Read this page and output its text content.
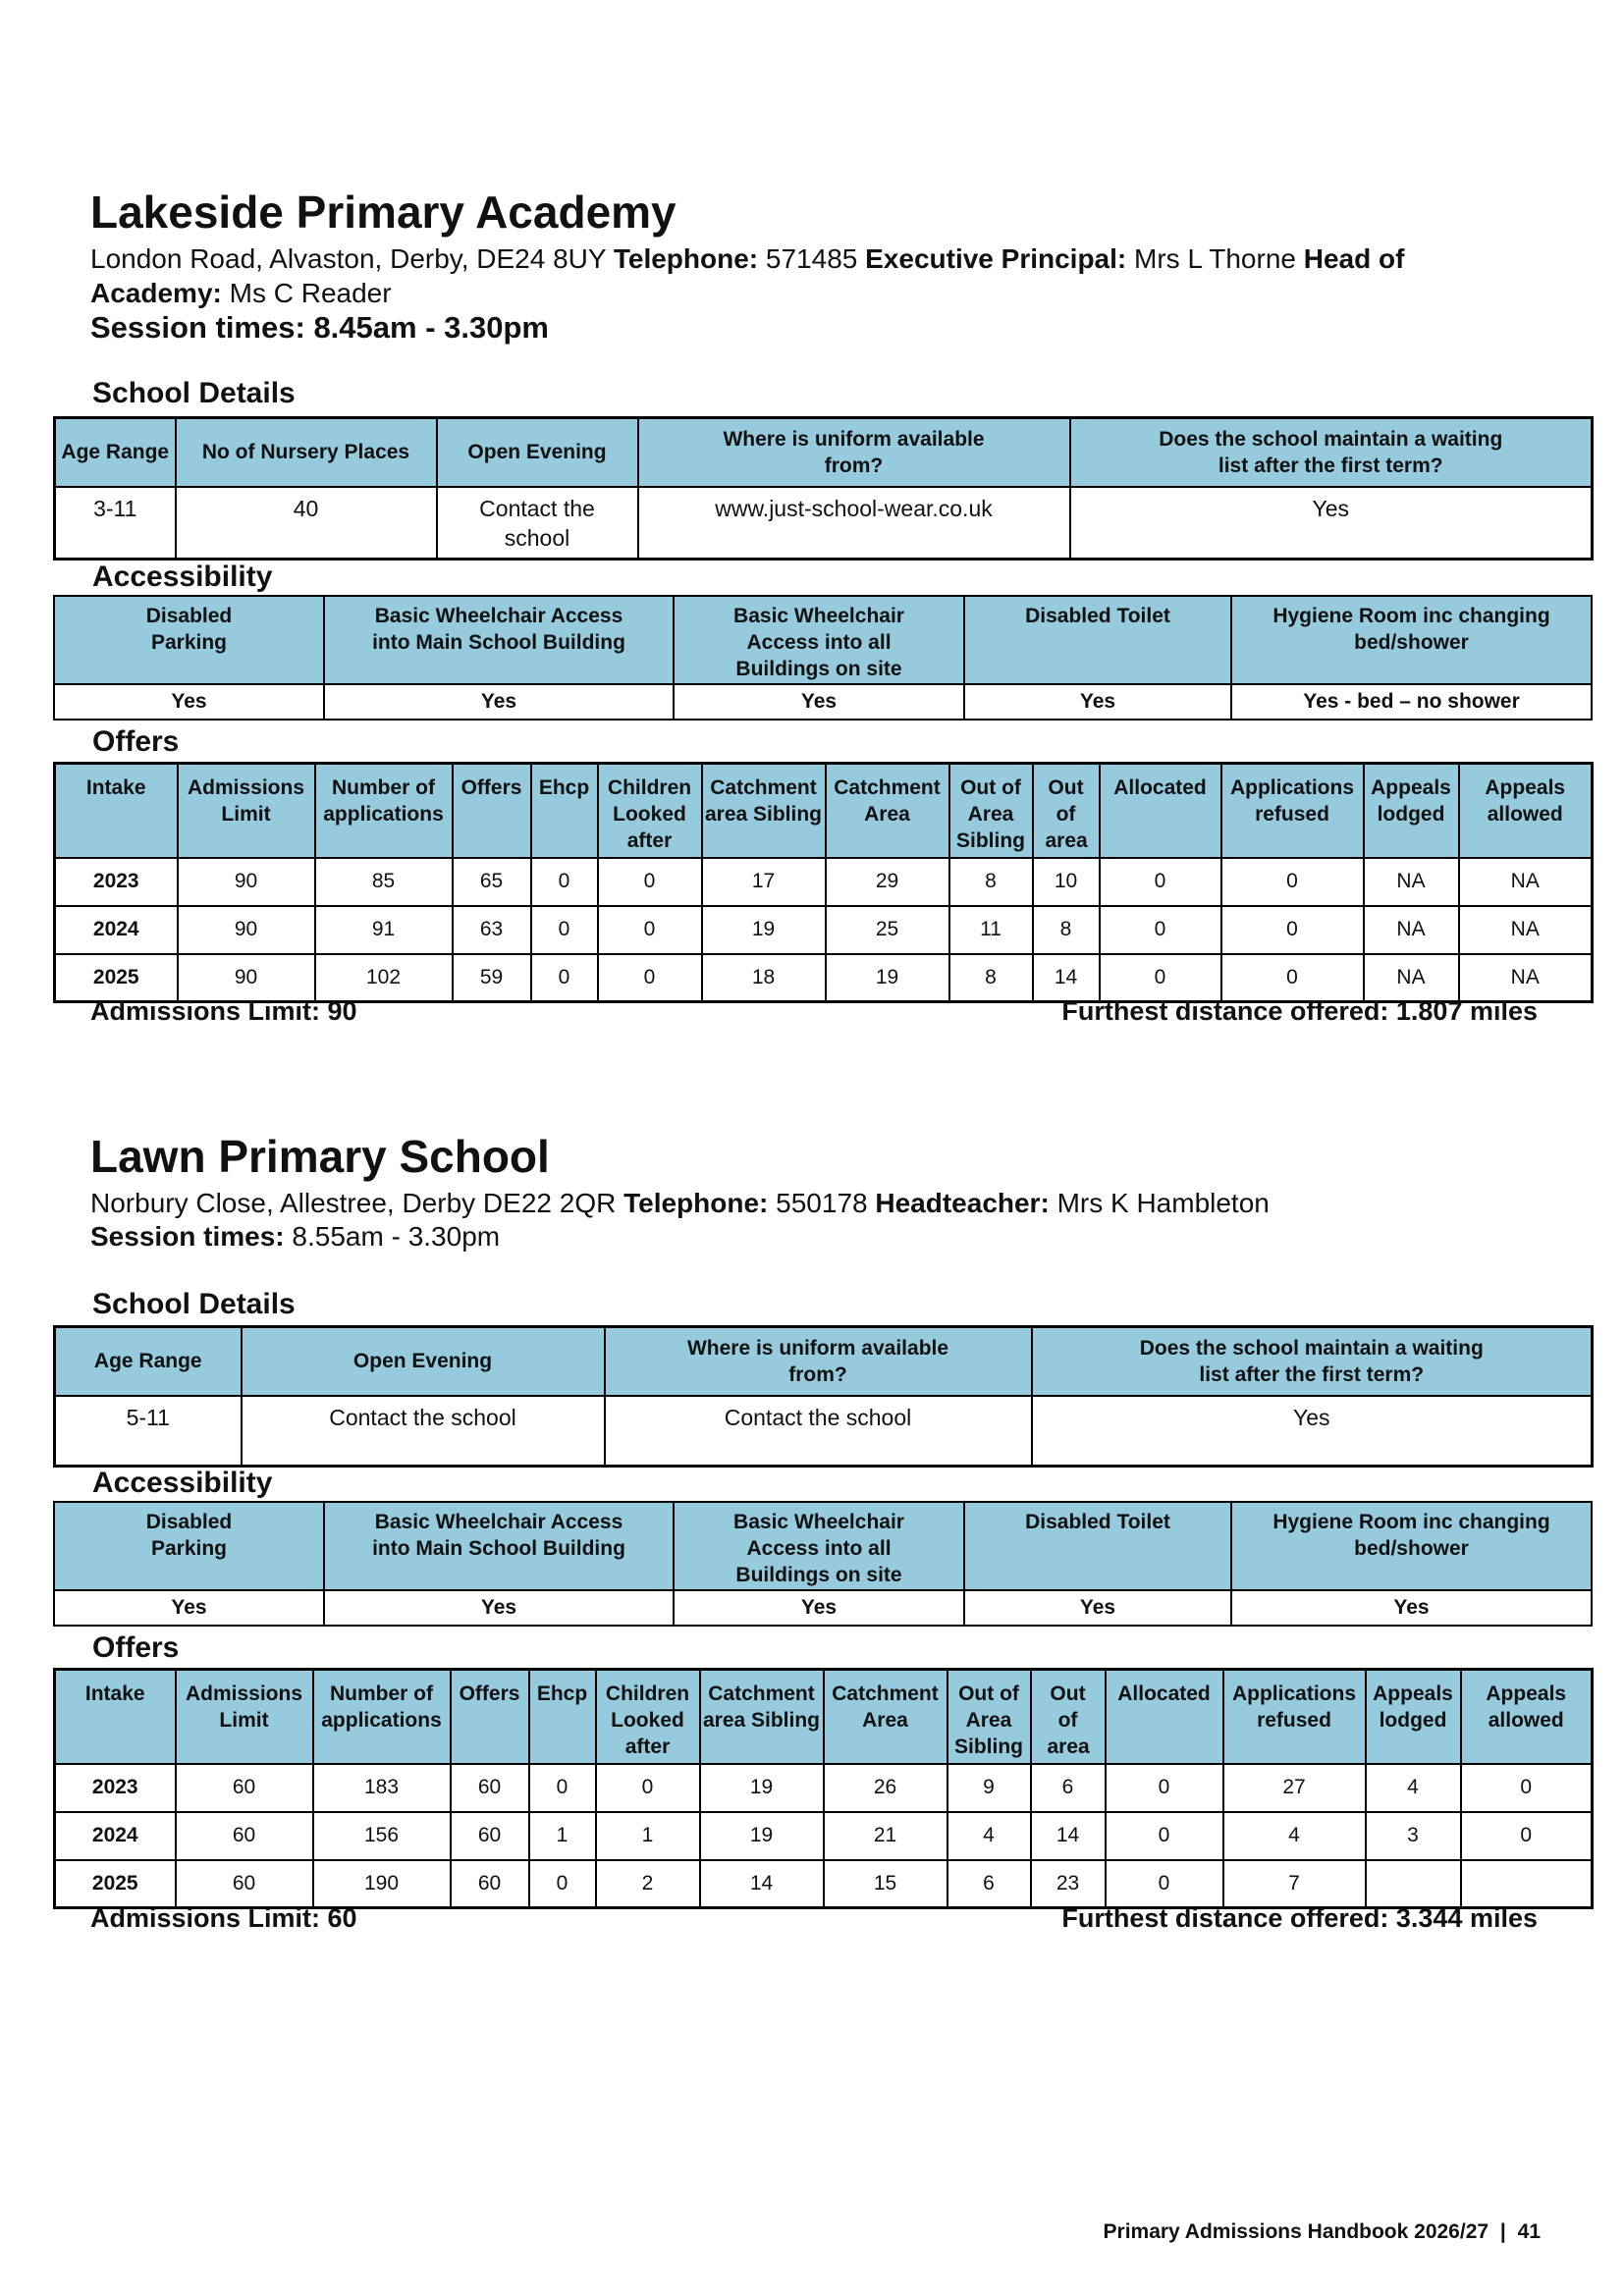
Lakeside Primary Academy
London Road, Alvaston, Derby, DE24 8UY Telephone: 571485 Executive Principal: Mrs L Thorne Head of Academy: Ms C Reader
Session times: 8.45am - 3.30pm
School Details
Age Range	No of Nursery Places	Open Evening	Where is uniform available from?	Does the school maintain a waiting list after the first term?
3-11	40	Contact the school	www.just-school-wear.co.uk	Yes
Accessibility
Disabled Parking	Basic Wheelchair Access into Main School Building	Basic Wheelchair Access into all Buildings on site	Disabled Toilet	Hygiene Room inc changing bed/shower
Yes	Yes	Yes	Yes	Yes - bed – no shower
Offers
Intake	Admissions Limit	Number of applications	Offers	Ehcp	Children Looked after	Catchment area Sibling	Catchment Area	Out of Area Sibling	Out of area	Allocated	Applications refused	Appeals lodged	Appeals allowed
2023	90	85	65	0	0	17	29	8	10	0	0	NA	NA
2024	90	91	63	0	0	19	25	11	8	0	0	NA	NA
2025	90	102	59	0	0	18	19	8	14	0	0	NA	NA
Admissions Limit: 90	Furthest distance offered: 1.807 miles
Lawn Primary School
Norbury Close, Allestree, Derby DE22 2QR Telephone: 550178 Headteacher: Mrs K Hambleton
Session times: 8.55am - 3.30pm
School Details
Age Range	Open Evening	Where is uniform available from?	Does the school maintain a waiting list after the first term?
5-11	Contact the school	Contact the school	Yes
Accessibility
Disabled Parking	Basic Wheelchair Access into Main School Building	Basic Wheelchair Access into all Buildings on site	Disabled Toilet	Hygiene Room inc changing bed/shower
Yes	Yes	Yes	Yes	Yes
Offers
Intake	Admissions Limit	Number of applications	Offers	Ehcp	Children Looked after	Catchment area Sibling	Catchment Area	Out of Area Sibling	Out of area	Allocated	Applications refused	Appeals lodged	Appeals allowed
2023	60	183	60	0	0	19	26	9	6	0	27	4	0
2024	60	156	60	1	1	19	21	4	14	0	4	3	0
2025	60	190	60	0	2	14	15	6	23	0	7		
Admissions Limit: 60	Furthest distance offered: 3.344 miles
Primary Admissions Handbook 2026/27 | 41
